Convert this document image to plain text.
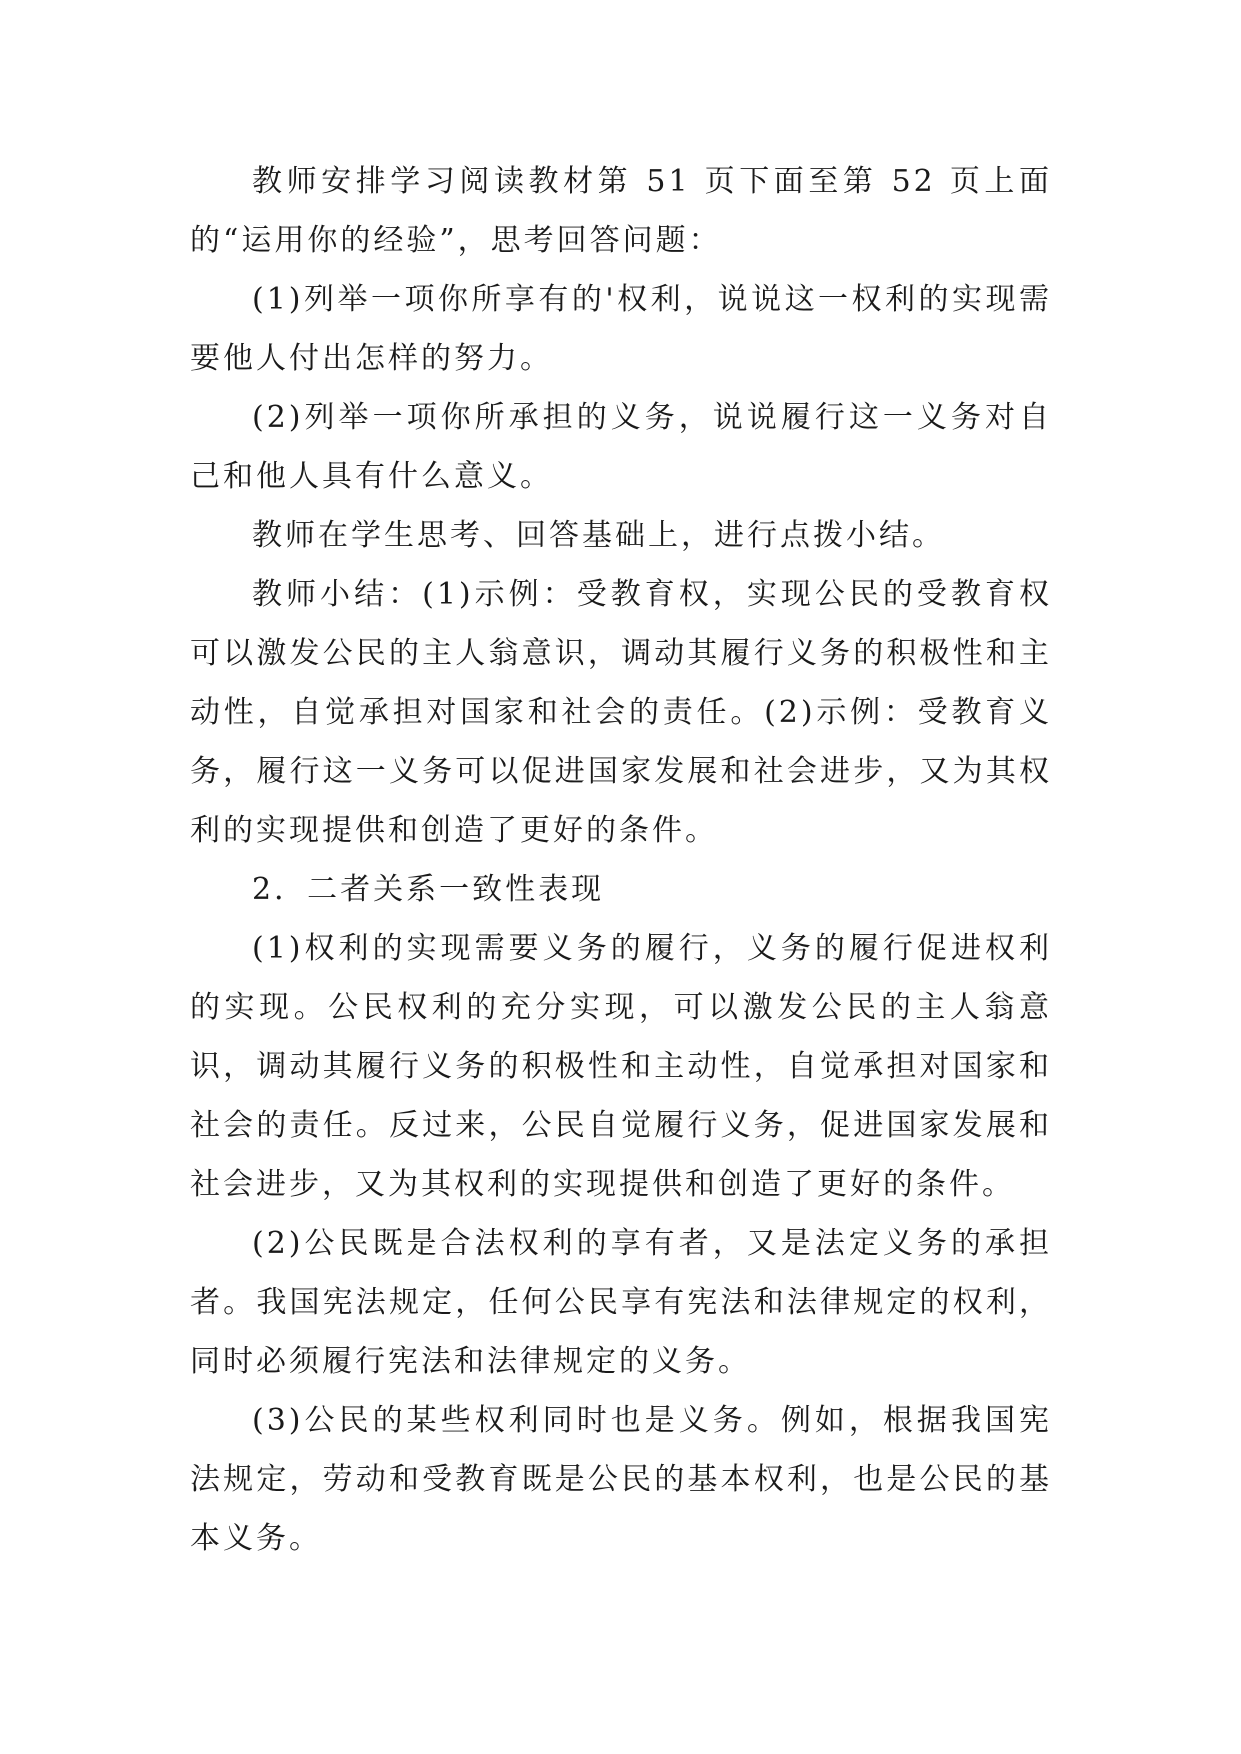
教师安排学习阅读教材第 51 页下面至第 52 页上面的“运用你的经验”，思考回答问题：

(1)列举一项你所享有的'权利，说说这一权利的实现需要他人付出怎样的努力。

(2)列举一项你所承担的义务，说说履行这一义务对自己和他人具有什么意义。

教师在学生思考、回答基础上，进行点拨小结。

教师小结：(1)示例：受教育权，实现公民的受教育权可以激发公民的主人翁意识，调动其履行义务的积极性和主动性，自觉承担对国家和社会的责任。(2)示例：受教育义务，履行这一义务可以促进国家发展和社会进步，又为其权利的实现提供和创造了更好的条件。

2．二者关系一致性表现

(1)权利的实现需要义务的履行，义务的履行促进权利的实现。公民权利的充分实现，可以激发公民的主人翁意识，调动其履行义务的积极性和主动性，自觉承担对国家和社会的责任。反过来，公民自觉履行义务，促进国家发展和社会进步，又为其权利的实现提供和创造了更好的条件。

(2)公民既是合法权利的享有者，又是法定义务的承担者。我国宪法规定，任何公民享有宪法和法律规定的权利，同时必须履行宪法和法律规定的义务。

(3)公民的某些权利同时也是义务。例如，根据我国宪法规定，劳动和受教育既是公民的基本权利，也是公民的基本义务。
